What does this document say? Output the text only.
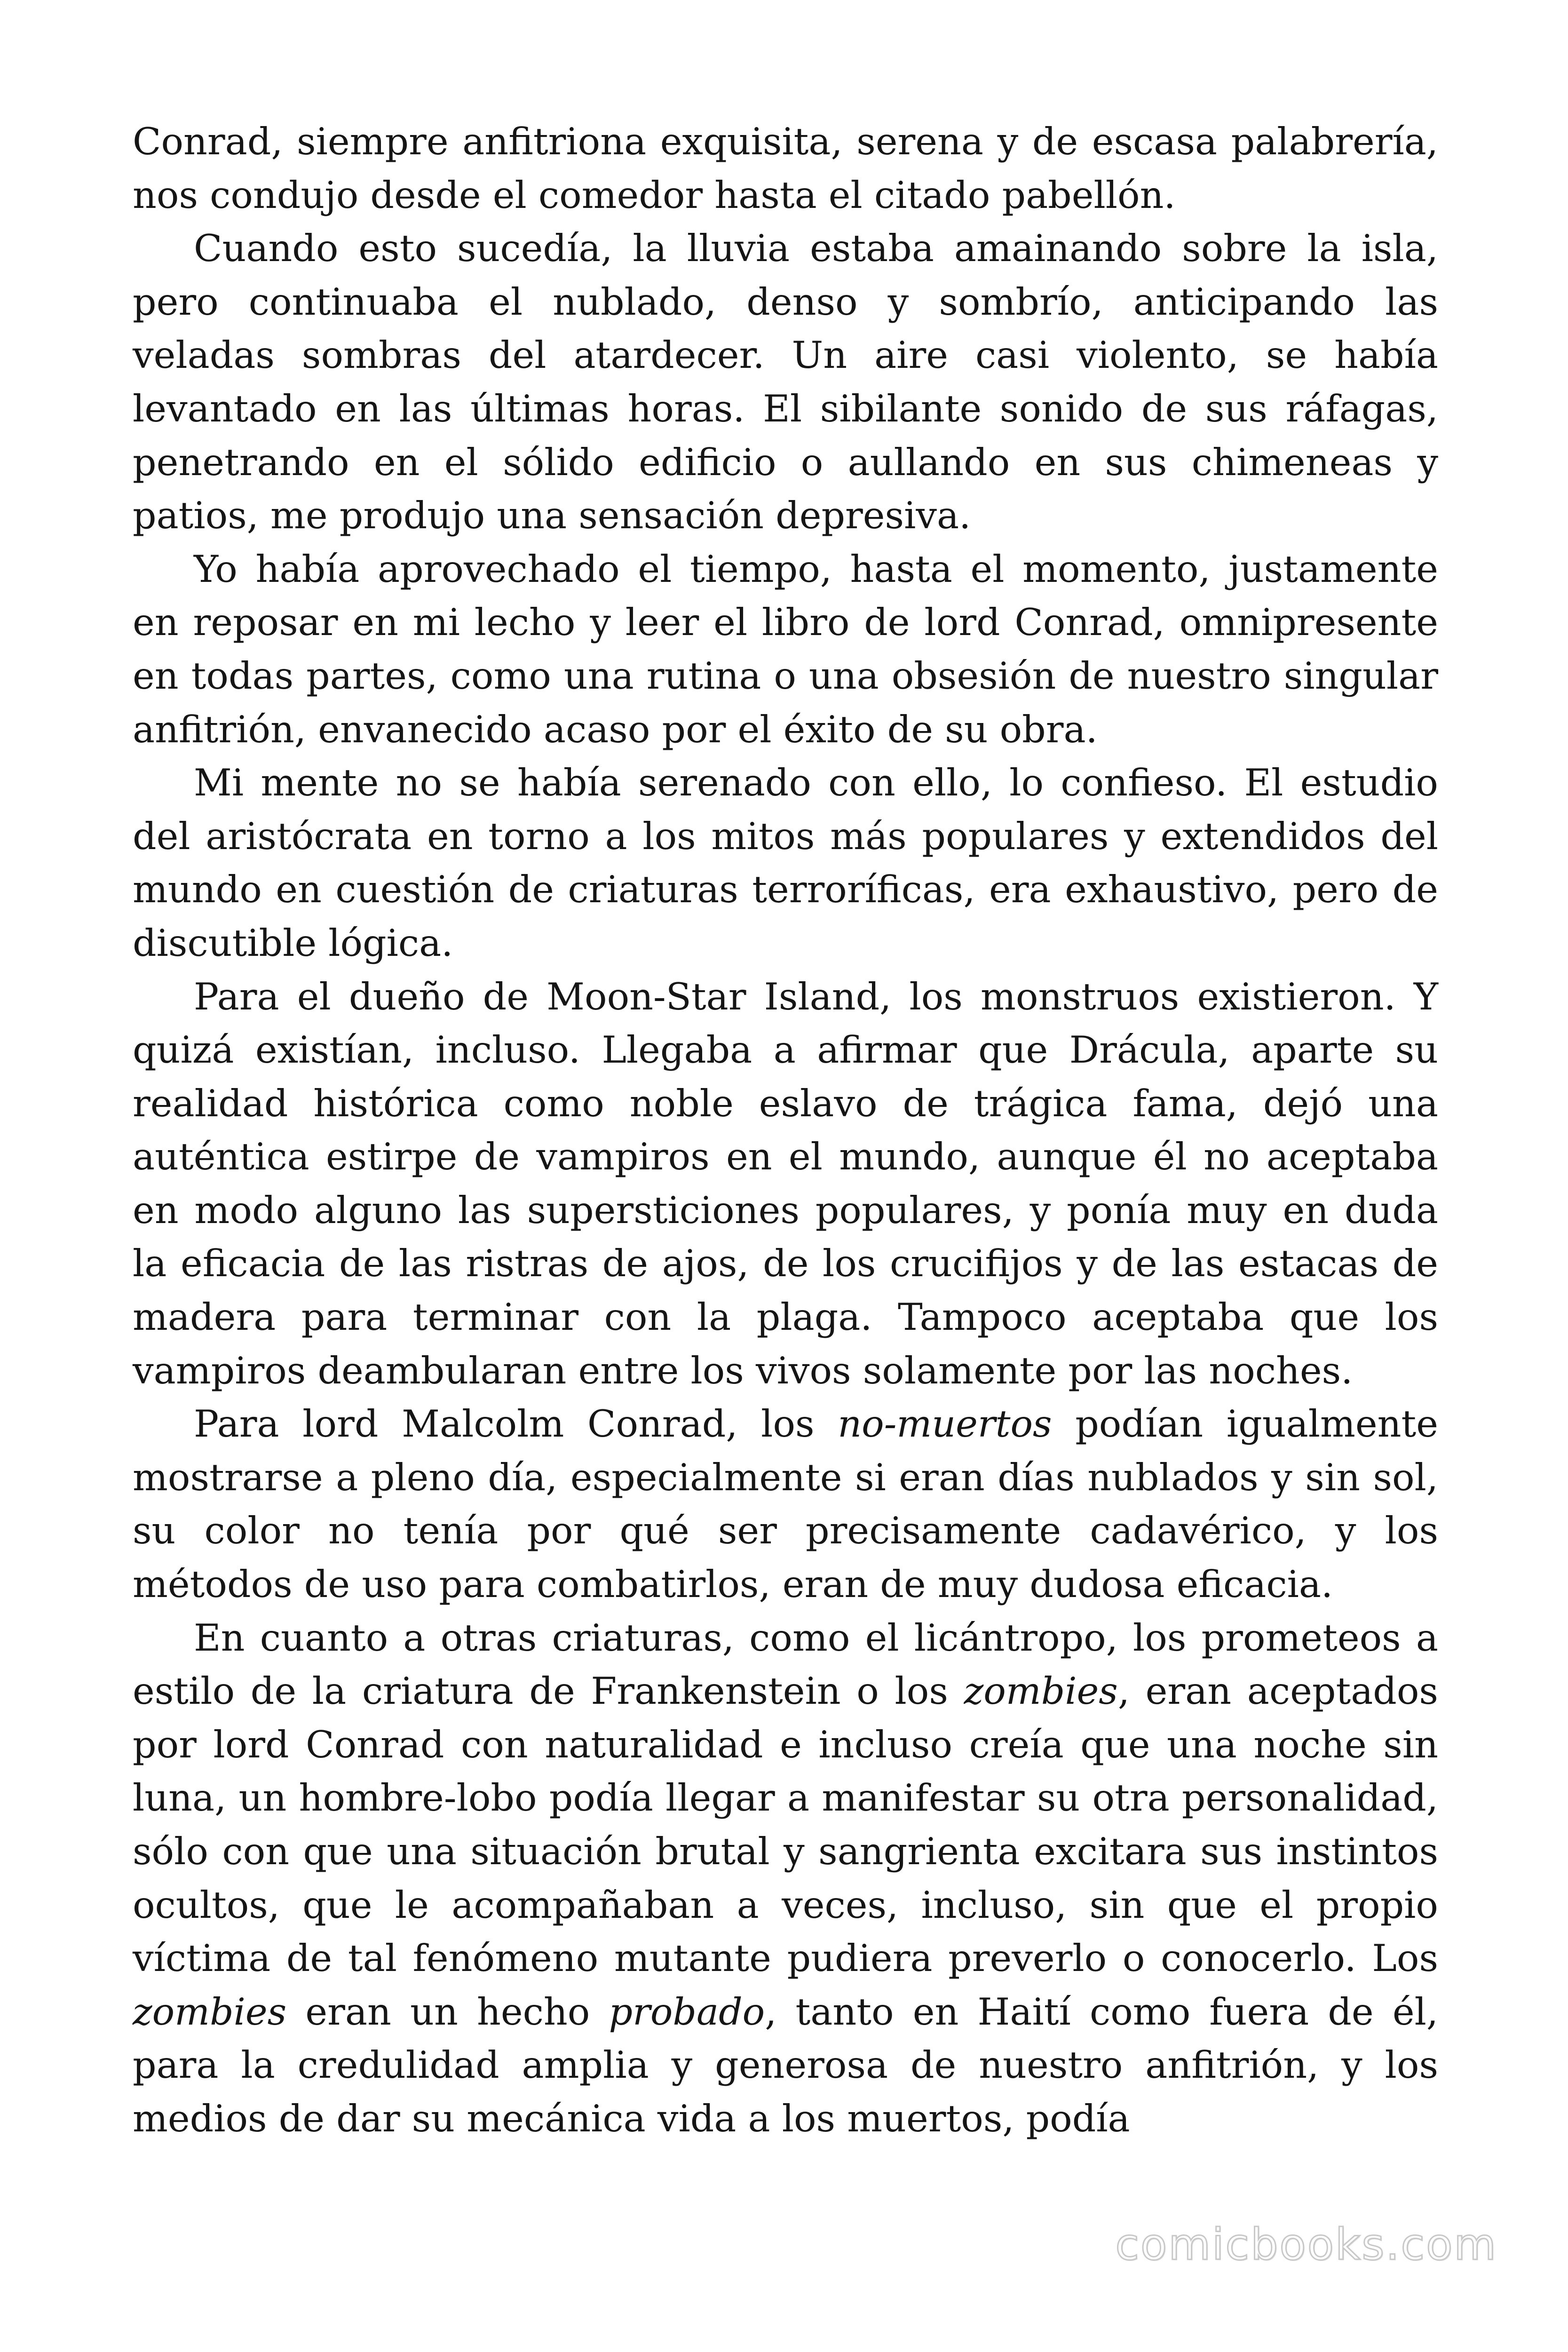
Conrad, siempre anfitriona exquisita, serena y de escasa palabrería, nos condujo desde el comedor hasta el citado pabellón.

Cuando esto sucedía, la lluvia estaba amainando sobre la isla, pero continuaba el nublado, denso y sombrío, anticipando las veladas sombras del atardecer. Un aire casi violento, se había levantado en las últimas horas. El sibilante sonido de sus ráfagas, penetrando en el sólido edificio o aullando en sus chimeneas y patios, me produjo una sensación depresiva.

Yo había aprovechado el tiempo, hasta el momento, justamente en reposar en mi lecho y leer el libro de lord Conrad, omnipresente en todas partes, como una rutina o una obsesión de nuestro singular anfitrión, envanecido acaso por el éxito de su obra.

Mi mente no se había serenado con ello, lo confieso. El estudio del aristócrata en torno a los mitos más populares y extendidos del mundo en cuestión de criaturas terroríficas, era exhaustivo, pero de discutible lógica.

Para el dueño de Moon-Star Island, los monstruos existieron. Y quizá existían, incluso. Llegaba a afirmar que Drácula, aparte su realidad histórica como noble eslavo de trágica fama, dejó una auténtica estirpe de vampiros en el mundo, aunque él no aceptaba en modo alguno las supersticiones populares, y ponía muy en duda la eficacia de las ristras de ajos, de los crucifijos y de las estacas de madera para terminar con la plaga. Tampoco aceptaba que los vampiros deambularan entre los vivos solamente por las noches.

Para lord Malcolm Conrad, los no-muertos podían igualmente mostrarse a pleno día, especialmente si eran días nublados y sin sol, su color no tenía por qué ser precisamente cadavérico, y los métodos de uso para combatirlos, eran de muy dudosa eficacia.

En cuanto a otras criaturas, como el licántropo, los prometeos a estilo de la criatura de Frankenstein o los zombies, eran aceptados por lord Conrad con naturalidad e incluso creía que una noche sin luna, un hombre-lobo podía llegar a manifestar su otra personalidad, sólo con que una situación brutal y sangrienta excitara sus instintos ocultos, que le acompañaban a veces, incluso, sin que el propio víctima de tal fenómeno mutante pudiera preverlo o conocerlo. Los zombies eran un hecho probado, tanto en Haití como fuera de él, para la credulidad amplia y generosa de nuestro anfitrión, y los medios de dar su mecánica vida a los muertos, podía

comicbooks.com
